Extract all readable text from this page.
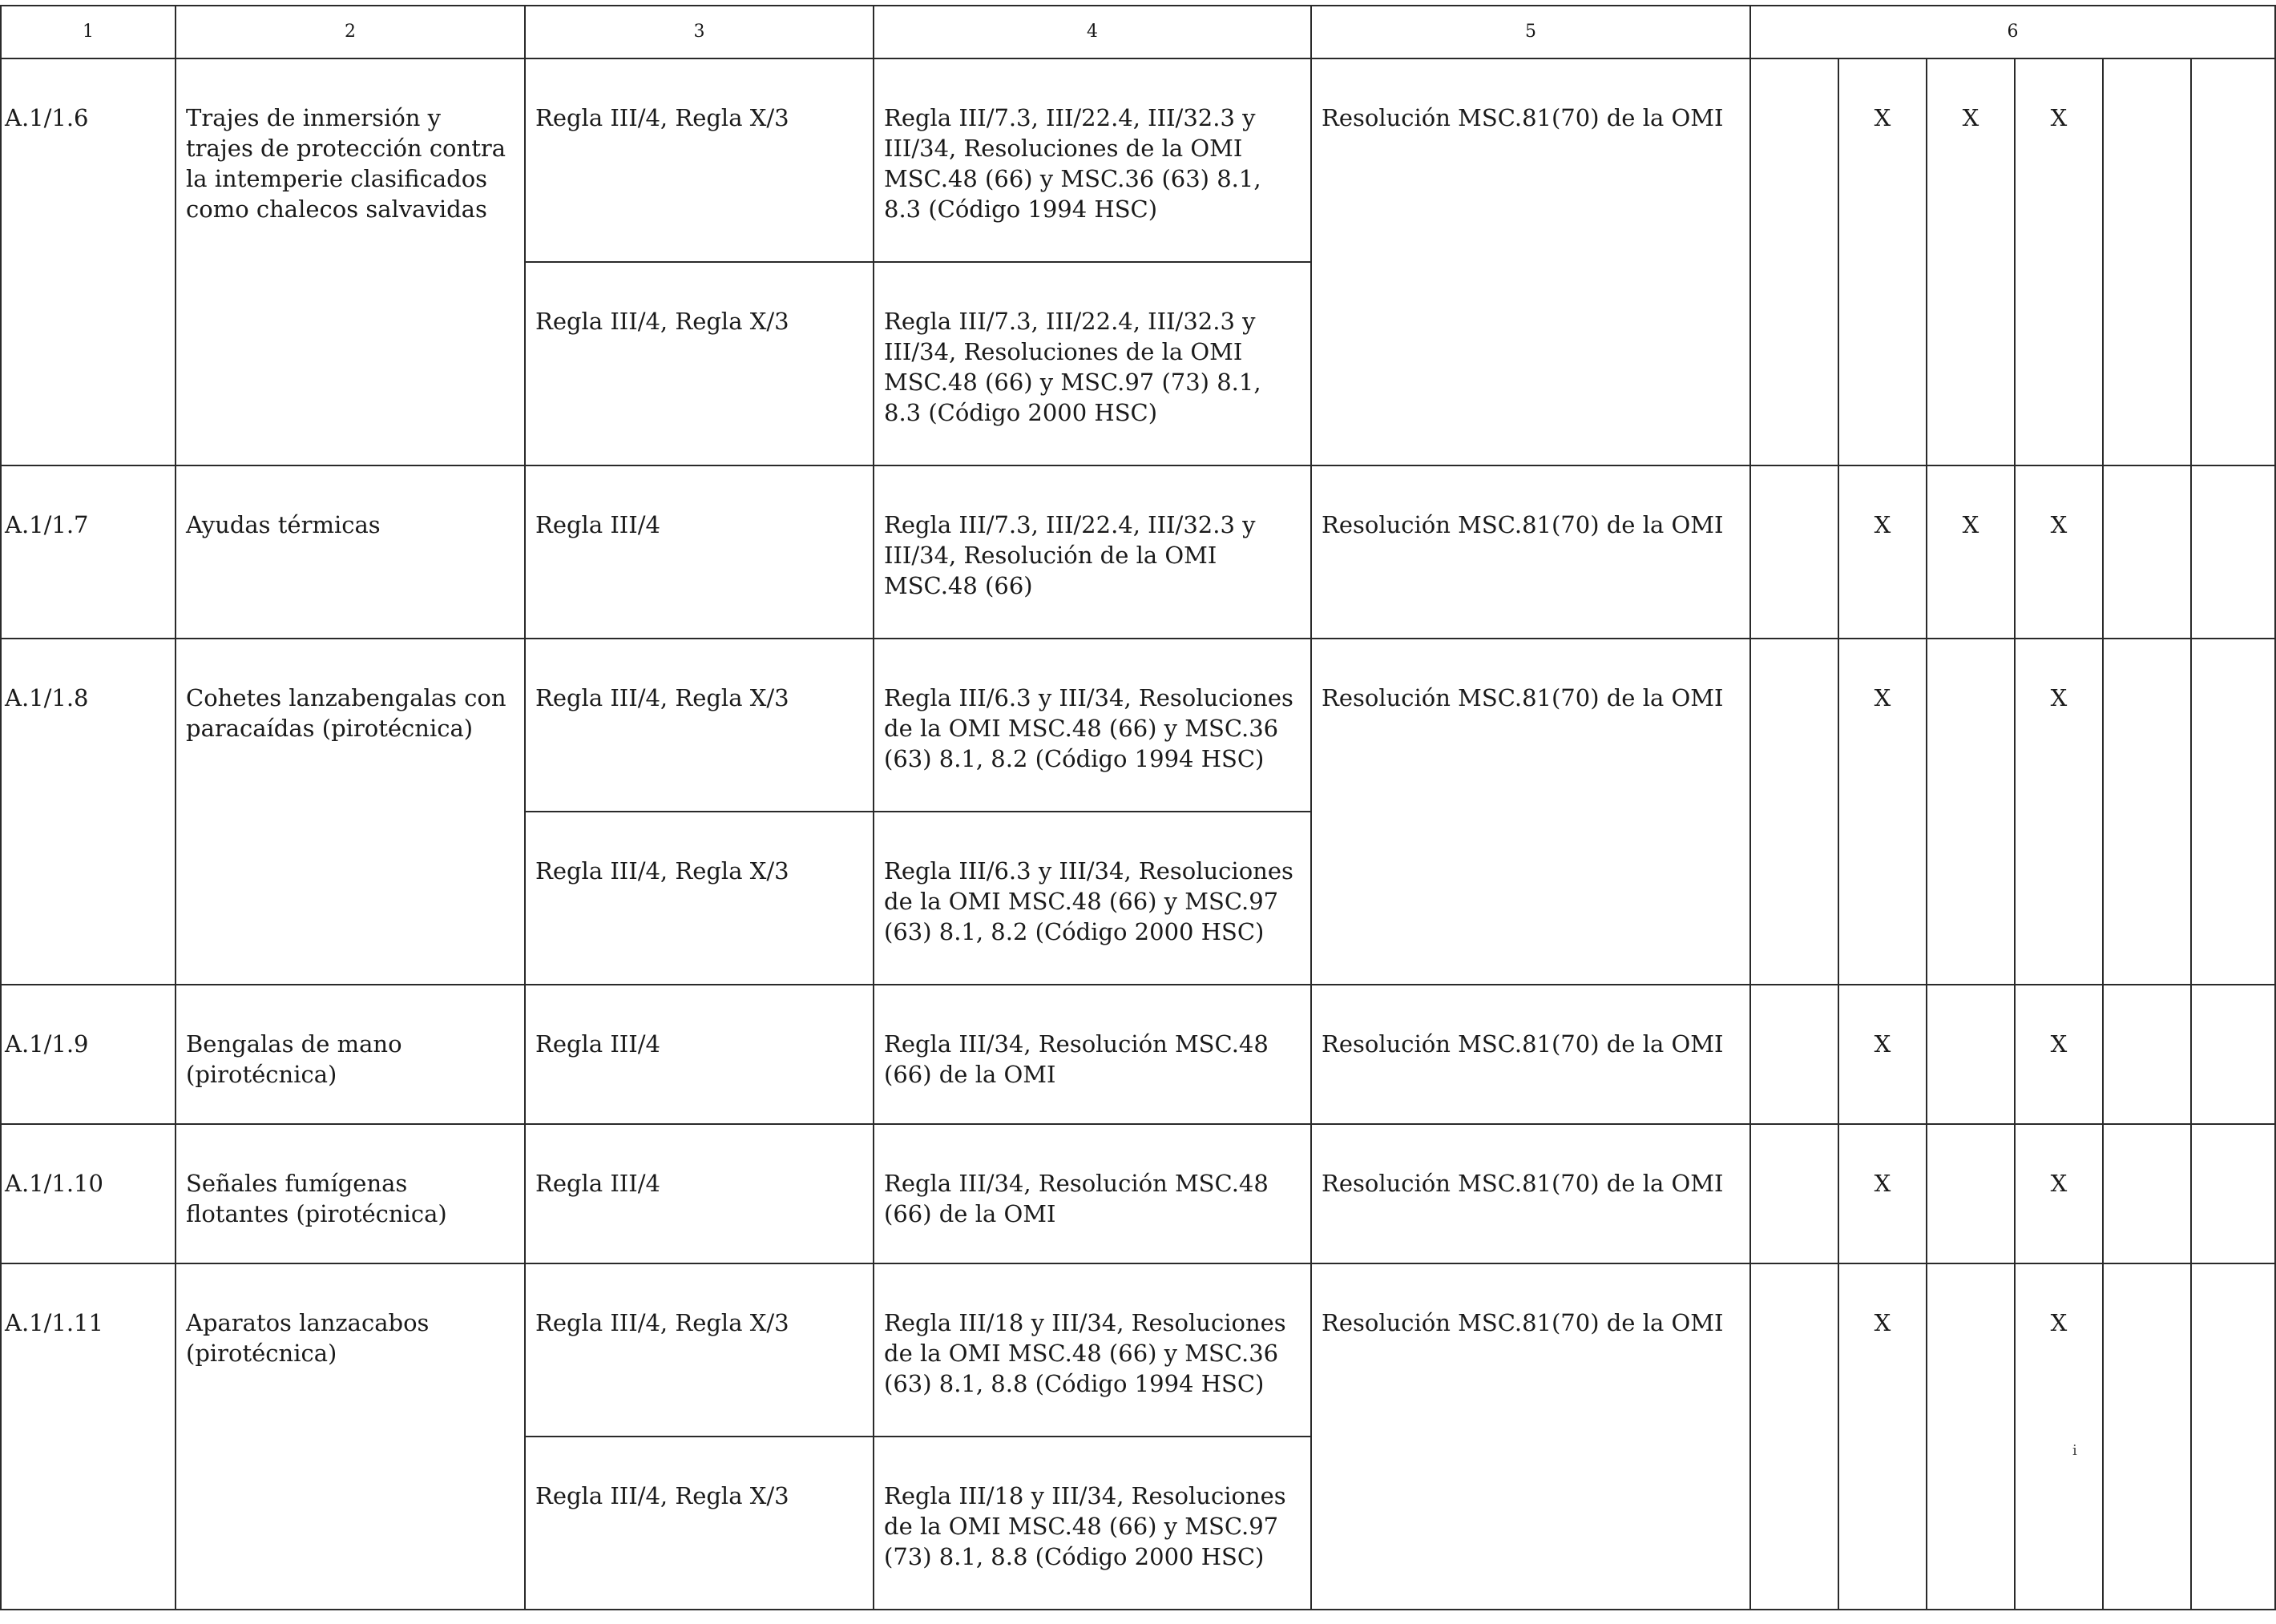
1	2	3	4	5	6					

A.1/1.6	Trajes de inmersión y trajes de protección contra la intemperie clasificados como chalecos salvavidas	Regla III/4, Regla X/3	Regla III/7.3, III/22.4, III/32.3 y III/34, Resoluciones de la OMI MSC.48 (66) y MSC.36 (63) 8.1, 8.3 (Código 1994 HSC)	Resolución MSC.81(70) de la OMI		X	X	X		

		Regla III/4, Regla X/3	Regla III/7.3, III/22.4, III/32.3 y III/34, Resoluciones de la OMI MSC.48 (66) y MSC.97 (73) 8.1, 8.3 (Código 2000 HSC)							

A.1/1.7	Ayudas térmicas	Regla III/4	Regla III/7.3, III/22.4, III/32.3 y III/34, Resolución de la OMI MSC.48 (66)	Resolución MSC.81(70) de la OMI		X	X	X		

A.1/1.8	Cohetes lanzabengalas con paracaídas (pirotécnica)	Regla III/4, Regla X/3	Regla III/6.3 y III/34, Resoluciones de la OMI MSC.48 (66) y MSC.36 (63) 8.1, 8.2 (Código 1994 HSC)	Resolución MSC.81(70) de la OMI		X		X		

		Regla III/4, Regla X/3	Regla III/6.3 y III/34, Resoluciones de la OMI MSC.48 (66) y MSC.97 (63) 8.1, 8.2 (Código 2000 HSC)							

A.1/1.9	Bengalas de mano (pirotécnica)	Regla III/4	Regla III/34, Resolución MSC.48 (66) de la OMI	Resolución MSC.81(70) de la OMI		X		X		

A.1/1.10	Señales fumígenas flotantes (pirotécnica)	Regla III/4	Regla III/34, Resolución MSC.48 (66) de la OMI	Resolución MSC.81(70) de la OMI		X		X		

A.1/1.11	Aparatos lanzacabos (pirotécnica)	Regla III/4, Regla X/3	Regla III/18 y III/34, Resoluciones de la OMI MSC.48 (66) y MSC.36 (63) 8.1, 8.8 (Código 1994 HSC)	Resolución MSC.81(70) de la OMI		X		X		

		Regla III/4, Regla X/3	Regla III/18 y III/34, Resoluciones de la OMI MSC.48 (66) y MSC.97 (73) 8.1, 8.8 (Código 2000 HSC)							
i
